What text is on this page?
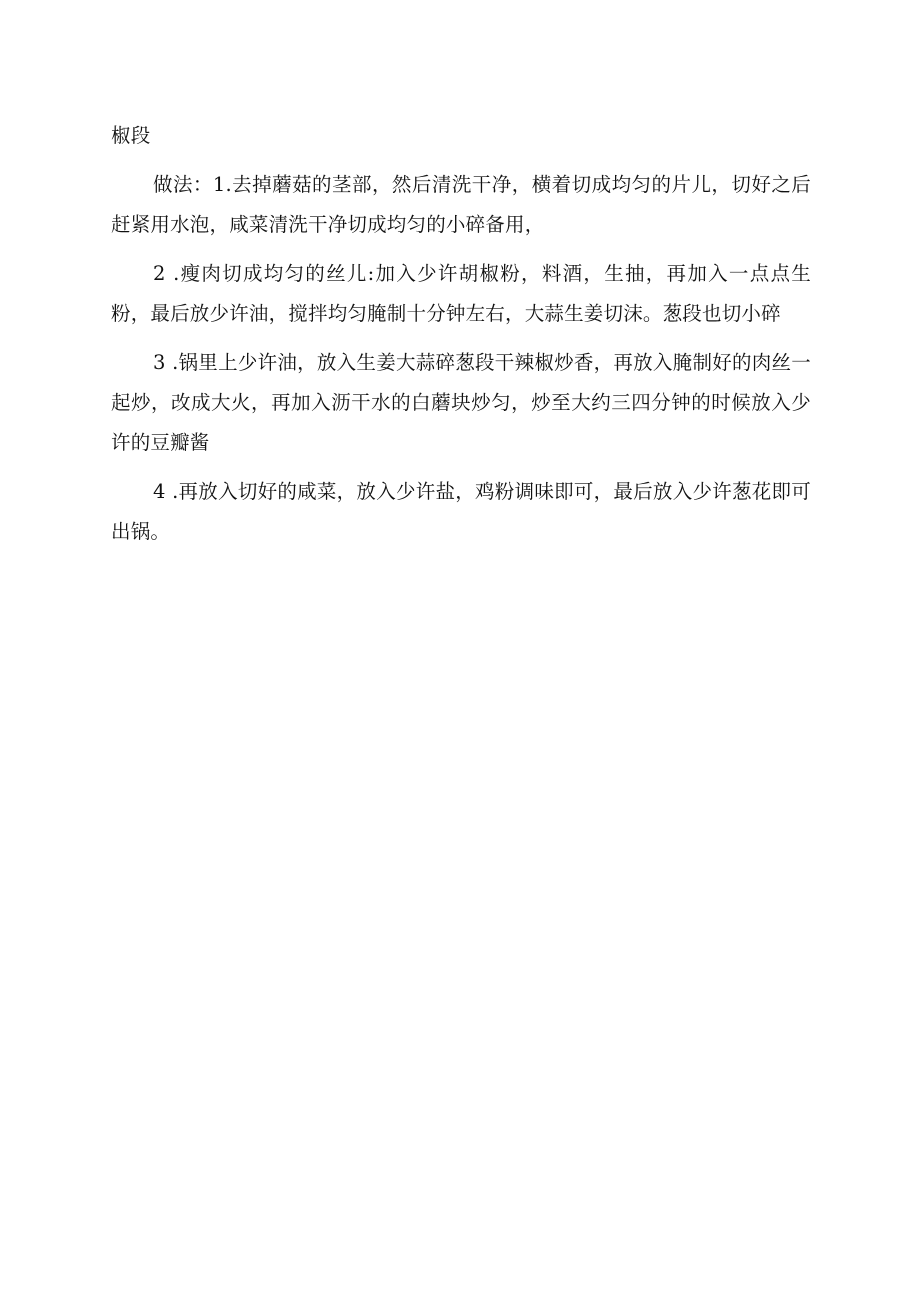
椒段

做法：1.去掉蘑菇的茎部，然后清洗干净，横着切成均匀的片儿，切好之后赶紧用水泡，咸菜清洗干净切成均匀的小碎备用，

2 .瘦肉切成均匀的丝儿:加入少许胡椒粉，料酒，生抽，再加入一点点生粉，最后放少许油，搅拌均匀腌制十分钟左右，大蒜生姜切沫。葱段也切小碎

3 .锅里上少许油，放入生姜大蒜碎葱段干辣椒炒香，再放入腌制好的肉丝一起炒，改成大火，再加入沥干水的白蘑块炒匀，炒至大约三四分钟的时候放入少许的豆瓣酱

4 .再放入切好的咸菜，放入少许盐，鸡粉调味即可，最后放入少许葱花即可出锅。
